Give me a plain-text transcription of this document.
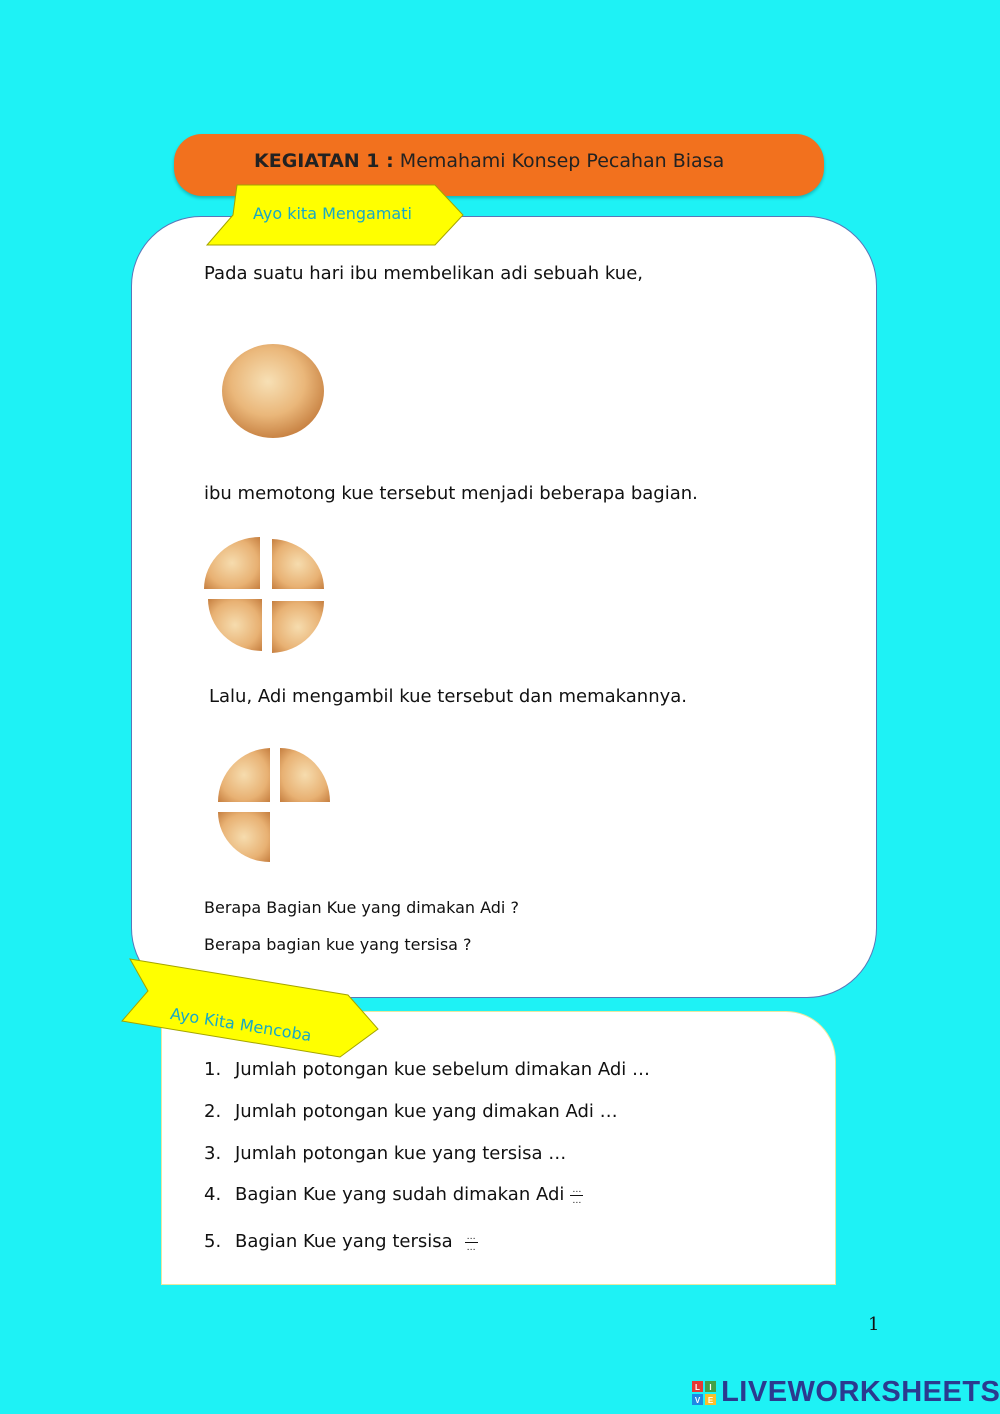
KEGIATAN 1 : Memahami Konsep Pecahan Biasa
Ayo kita Mengamati
Pada suatu hari ibu membelikan adi sebuah kue,
ibu memotong kue tersebut menjadi beberapa bagian.
Lalu, Adi mengambil kue tersebut dan memakannya.
Berapa Bagian Kue yang dimakan Adi ?
Berapa bagian kue yang tersisa ?
Ayo Kita Mencoba
1. Jumlah potongan kue sebelum dimakan Adi …
2. Jumlah potongan kue yang dimakan Adi …
3. Jumlah potongan kue yang tersisa …
4. Bagian Kue yang sudah dimakan Adi $\frac{\dots}{\dots}$
5. Bagian Kue yang tersisa $\frac{\dots}{\dots}$
1
L I
V E LIVEWORKSHEETS
